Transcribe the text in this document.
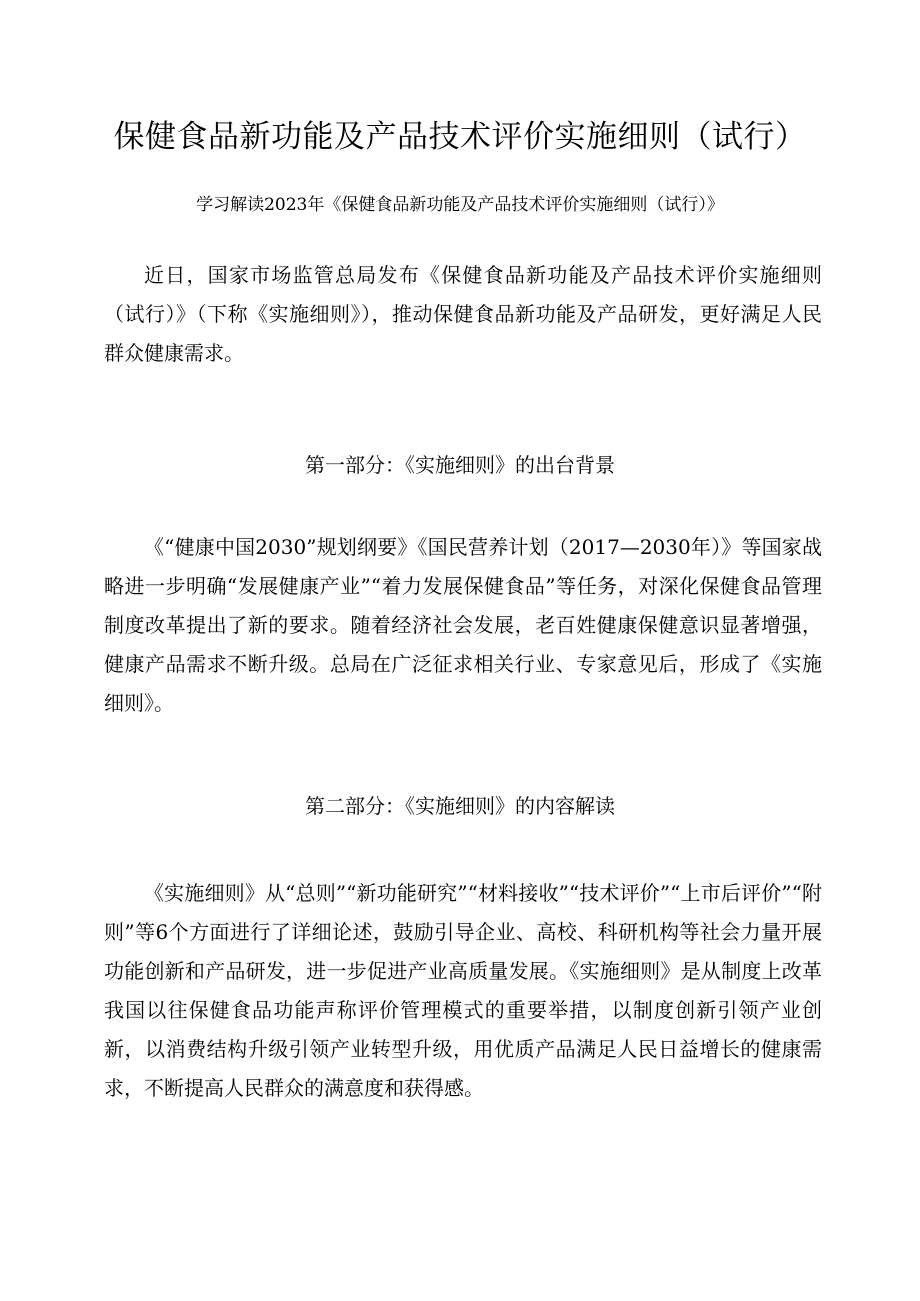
保健食品新功能及产品技术评价实施细则（试行）

学习解读2023年《保健食品新功能及产品技术评价实施细则（试行）》

近日，国家市场监管总局发布《保健食品新功能及产品技术评价实施细则（试行）》（下称《实施细则》），推动保健食品新功能及产品研发，更好满足人民群众健康需求。

第一部分：《实施细则》的出台背景

《“健康中国2030”规划纲要》《国民营养计划（2017—2030年）》等国家战略进一步明确“发展健康产业”“着力发展保健食品”等任务，对深化保健食品管理制度改革提出了新的要求。随着经济社会发展，老百姓健康保健意识显著增强，健康产品需求不断升级。总局在广泛征求相关行业、专家意见后，形成了《实施细则》。

第二部分：《实施细则》的内容解读

《实施细则》从“总则”“新功能研究”“材料接收”“技术评价”“上市后评价”“附则”等6个方面进行了详细论述，鼓励引导企业、高校、科研机构等社会力量开展功能创新和产品研发，进一步促进产业高质量发展。《实施细则》是从制度上改革我国以往保健食品功能声称评价管理模式的重要举措，以制度创新引领产业创新，以消费结构升级引领产业转型升级，用优质产品满足人民日益增长的健康需求，不断提高人民群众的满意度和获得感。
